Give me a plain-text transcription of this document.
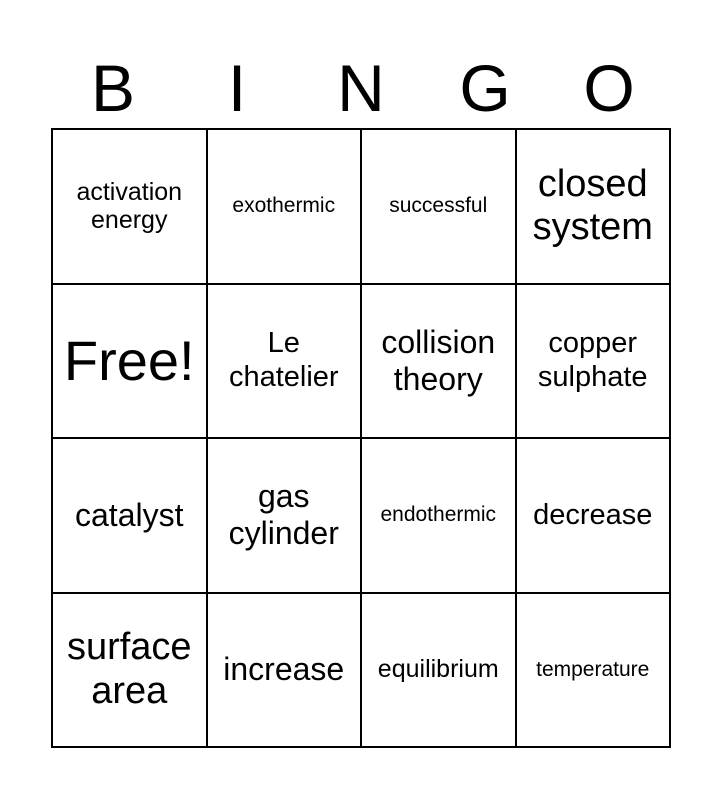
B	I	N	G	O
activation energy
exothermic	successful
closed system
Free!	Le chatelier
collision theory
copper sulphate
catalyst
gas cylinder
endothermic decrease
surface area
increase equilibrium temperature
